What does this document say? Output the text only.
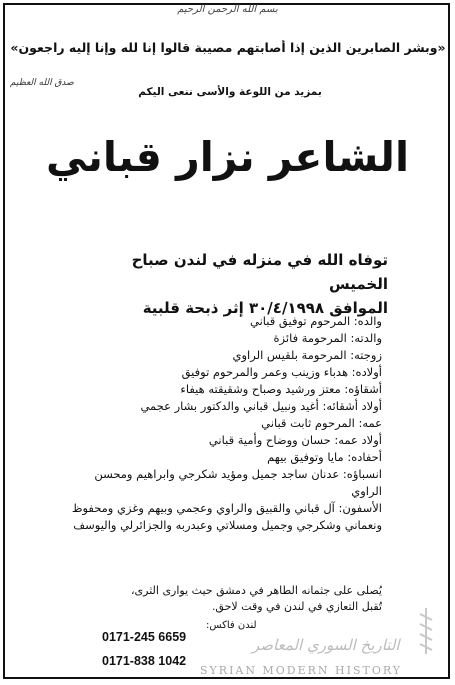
بسم الله الرحمن الرحيم
«وبشر الصابرين الذين إذا أصابتهم مصيبة قالوا إنا لله وإنا إليه راجعون»
صدق الله العظيم
بمزيد من اللوعة والأسى ننعى اليكم
الشاعر نزار قباني
توفاه الله في منزله في لندن صباح الخميس
الموافق ٣٠/٤/١٩٩٨ إثر ذبحة قلبية
والده: المرحوم توفيق قباني
والدته: المرحومة فائزة
زوجته: المرحومة بلقيس الراوي
أولاده: هدباء وزينب وعمر والمرحوم توفيق
أشقاؤه: معتز ورشيد وصباح وشقيقته هيفاء
أولاد أشقائه: أغيد ونبيل قباني والدكتور بشار عجمي
عمه: المرحوم ثابت قباني
أولاد عمه: حسان ووضاح وأمية قباني
أحفاده: مايا وتوفيق بيهم
انسباؤه: عدنان ساجد جميل ومؤيد شكرجي وابراهيم ومحسن الراوي
الأسفون: آل قباني والقبيق والراوي وعجمي وبيهم وغزي ومحفوظ ونعماني وشكرجي وجميل ومسلاتي وعبدربه والجزائرلي واليوسف
يُصلى على جثمانه الطاهر في دمشق حيث يوارى الثرى،
تُقبل التعازي في لندن في وقت لاحق.
لندن فاكس:
0171-245 6659
0171-838 1042
التاريخ السوري المعاصر
SYRIAN MODERN HISTORY
